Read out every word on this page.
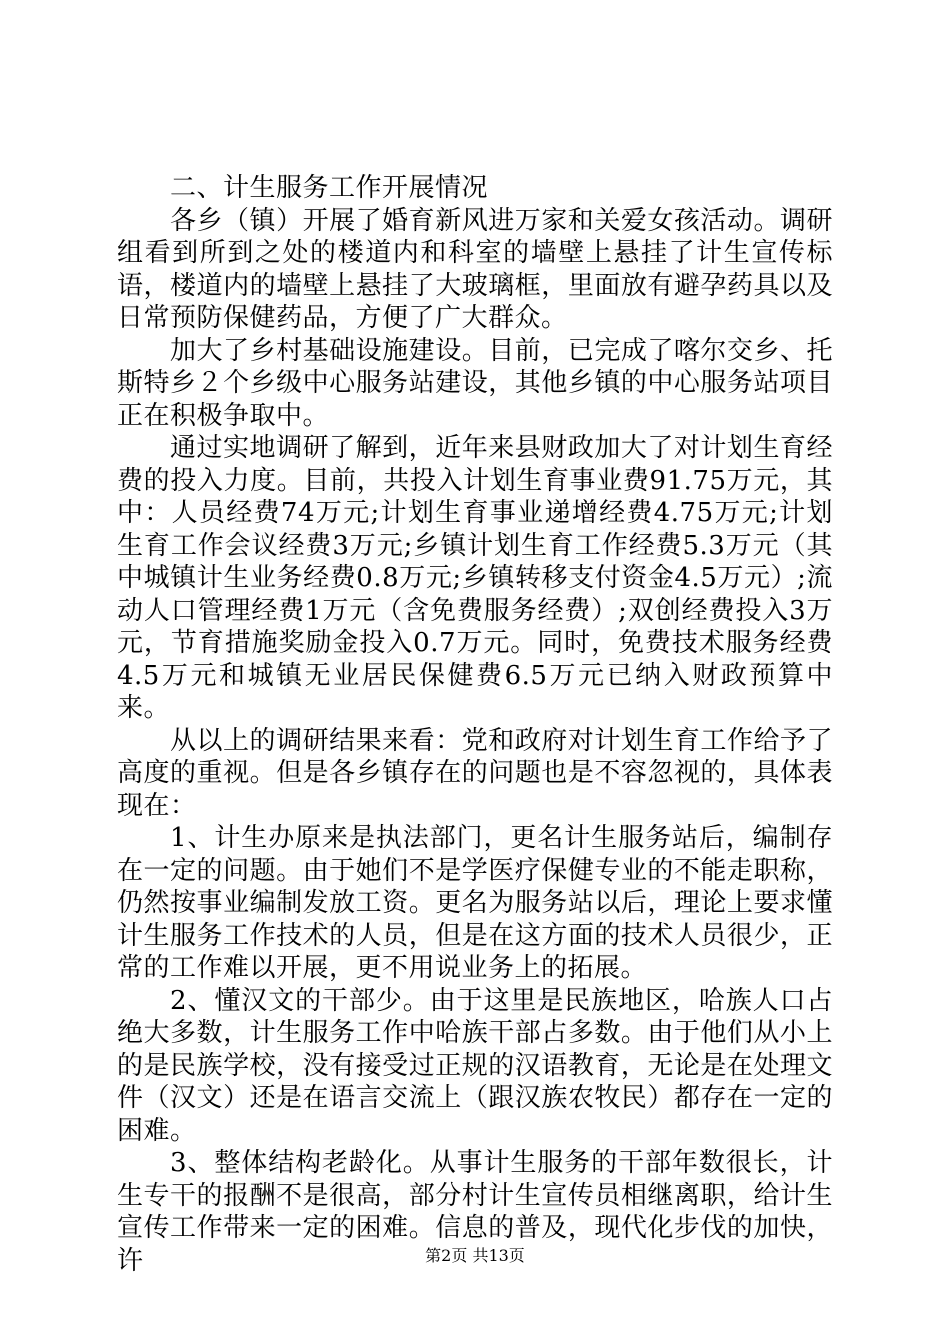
二、计生服务工作开展情况

各乡（镇）开展了婚育新风进万家和关爱女孩活动。调研组看到所到之处的楼道内和科室的墙壁上悬挂了计生宣传标语，楼道内的墙壁上悬挂了大玻璃框，里面放有避孕药具以及日常预防保健药品，方便了广大群众。

加大了乡村基础设施建设。目前，已完成了喀尔交乡、托斯特乡２个乡级中心服务站建设，其他乡镇的中心服务站项目正在积极争取中。

通过实地调研了解到，近年来县财政加大了对计划生育经费的投入力度。目前，共投入计划生育事业费91.75万元，其中：人员经费74万元;计划生育事业递增经费4.75万元;计划生育工作会议经费3万元;乡镇计划生育工作经费5.3万元（其中城镇计生业务经费0.8万元;乡镇转移支付资金4.5万元）;流动人口管理经费1万元（含免费服务经费）;双创经费投入3万元，节育措施奖励金投入0.7万元。同时，免费技术服务经费4.5万元和城镇无业居民保健费6.5万元已纳入财政预算中来。

从以上的调研结果来看：党和政府对计划生育工作给予了高度的重视。但是各乡镇存在的问题也是不容忽视的，具体表现在：

1、计生办原来是执法部门，更名计生服务站后，编制存在一定的问题。由于她们不是学医疗保健专业的不能走职称，仍然按事业编制发放工资。更名为服务站以后，理论上要求懂计生服务工作技术的人员，但是在这方面的技术人员很少，正常的工作难以开展，更不用说业务上的拓展。

2、懂汉文的干部少。由于这里是民族地区，哈族人口占绝大多数，计生服务工作中哈族干部占多数。由于他们从小上的是民族学校，没有接受过正规的汉语教育，无论是在处理文件（汉文）还是在语言交流上（跟汉族农牧民）都存在一定的困难。

3、整体结构老龄化。从事计生服务的干部年数很长，计生专干的报酬不是很高，部分村计生宣传员相继离职，给计生宣传工作带来一定的困难。信息的普及，现代化步伐的加快，许	第2页 共13页
